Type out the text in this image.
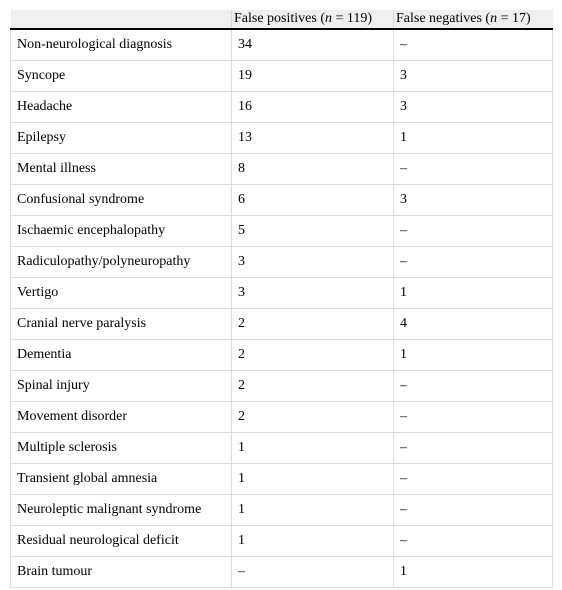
	False positives (n = 119)	False negatives (n = 17)
Non-neurological diagnosis	34	–
Syncope	19	3
Headache	16	3
Epilepsy	13	1
Mental illness	8	–
Confusional syndrome	6	3
Ischaemic encephalopathy	5	–
Radiculopathy/polyneuropathy	3	–
Vertigo	3	1
Cranial nerve paralysis	2	4
Dementia	2	1
Spinal injury	2	–
Movement disorder	2	–
Multiple sclerosis	1	–
Transient global amnesia	1	–
Neuroleptic malignant syndrome	1	–
Residual neurological deficit	1	–
Brain tumour	–	1
